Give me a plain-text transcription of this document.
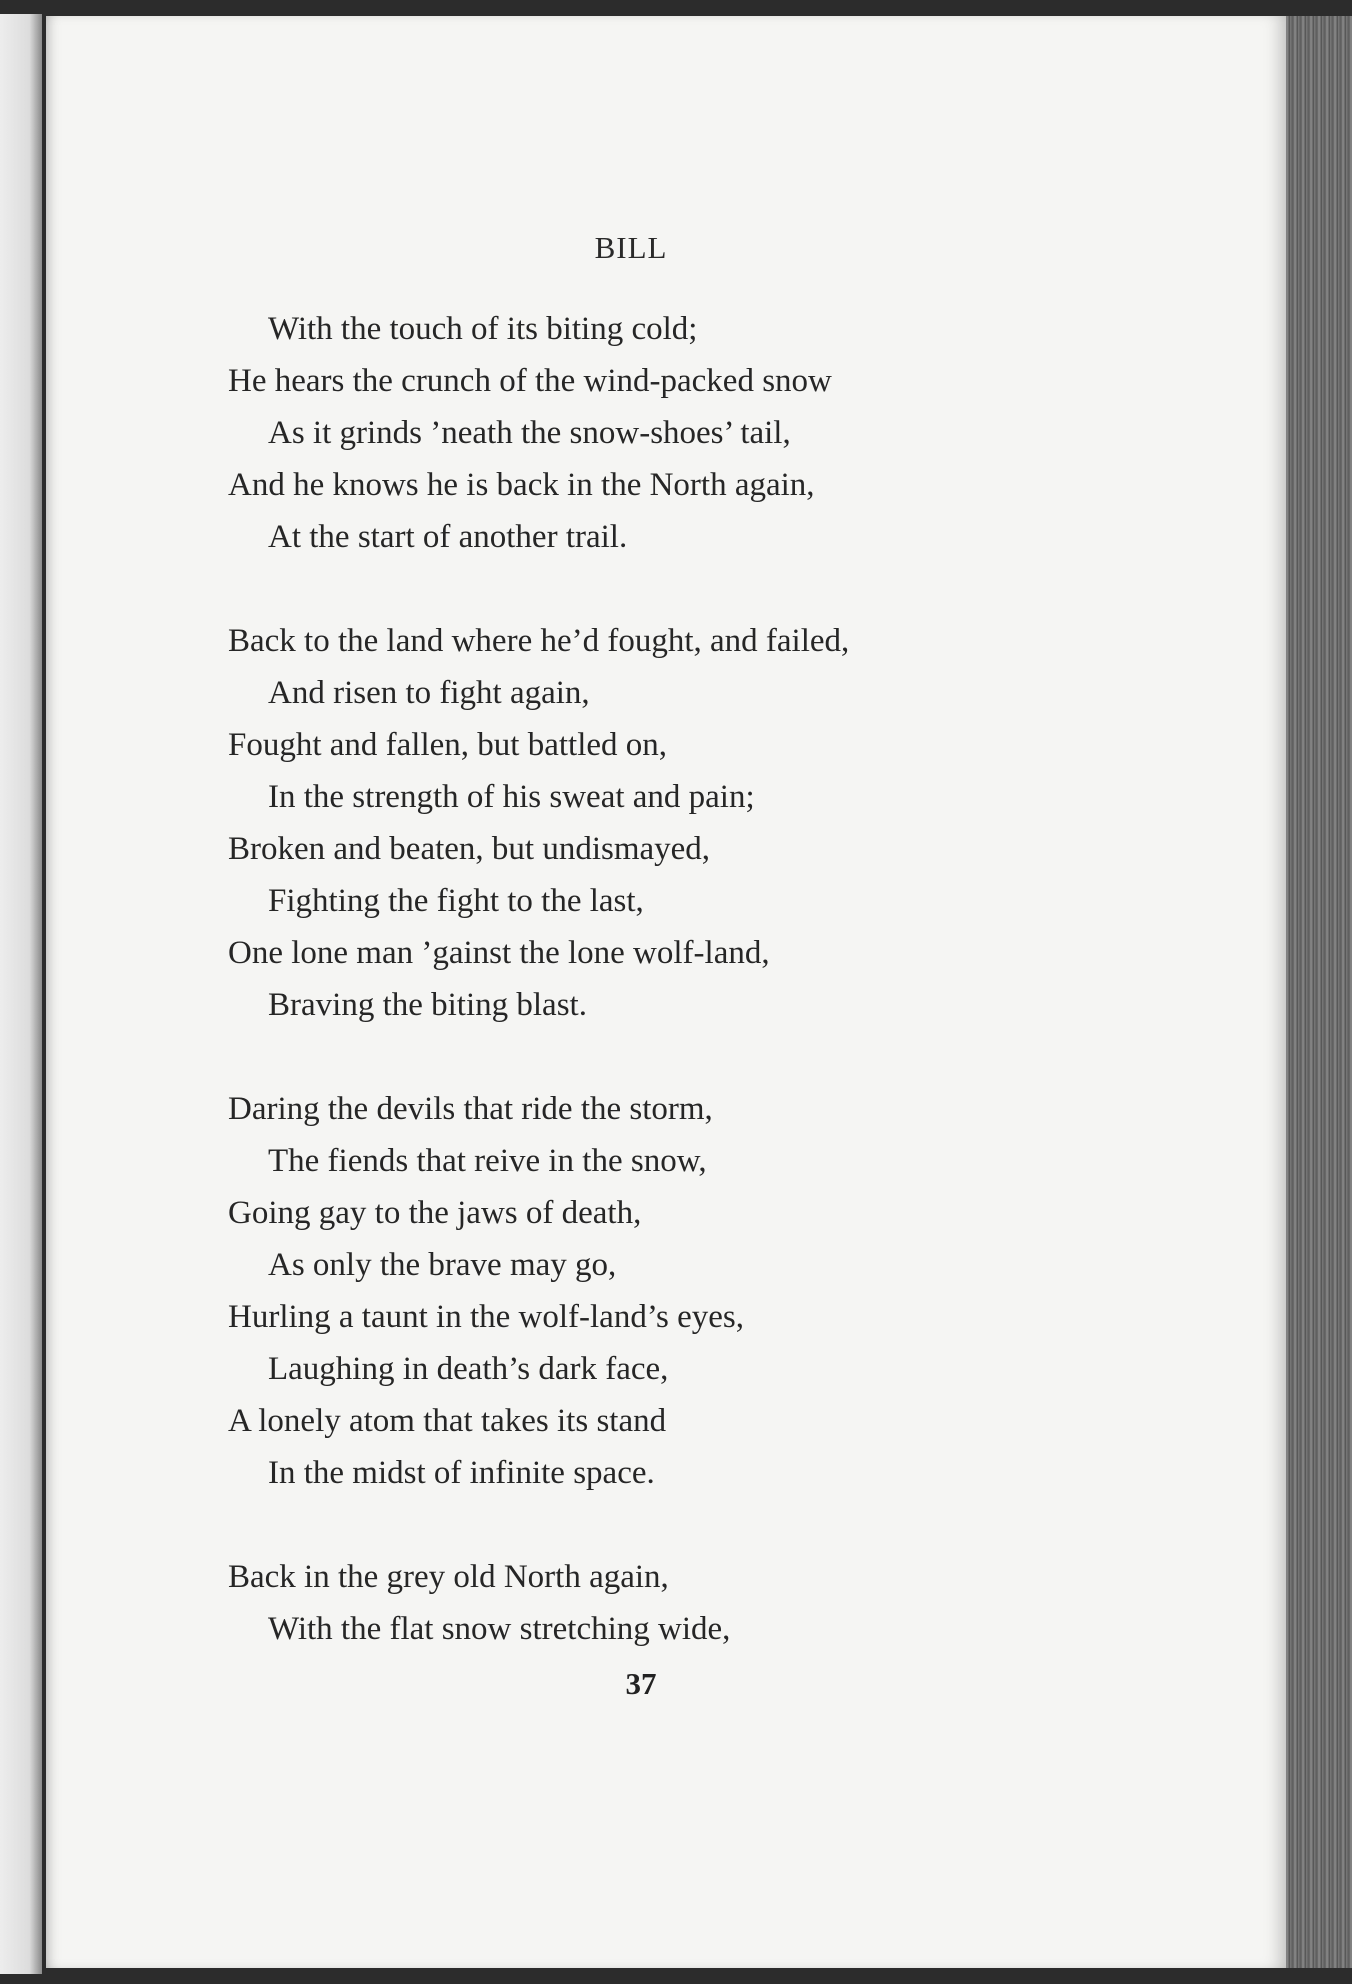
BILL
With the touch of its biting cold;
He hears the crunch of the wind-packed snow
As it grinds ’neath the snow-shoes’ tail,
And he knows he is back in the North again,
At the start of another trail.
Back to the land where he’d fought, and failed,
And risen to fight again,
Fought and fallen, but battled on,
In the strength of his sweat and pain;
Broken and beaten, but undismayed,
Fighting the fight to the last,
One lone man ’gainst the lone wolf-land,
Braving the biting blast.
Daring the devils that ride the storm,
The fiends that reive in the snow,
Going gay to the jaws of death,
As only the brave may go,
Hurling a taunt in the wolf-land’s eyes,
Laughing in death’s dark face,
A lonely atom that takes its stand
In the midst of infinite space.
Back in the grey old North again,
With the flat snow stretching wide,
37
